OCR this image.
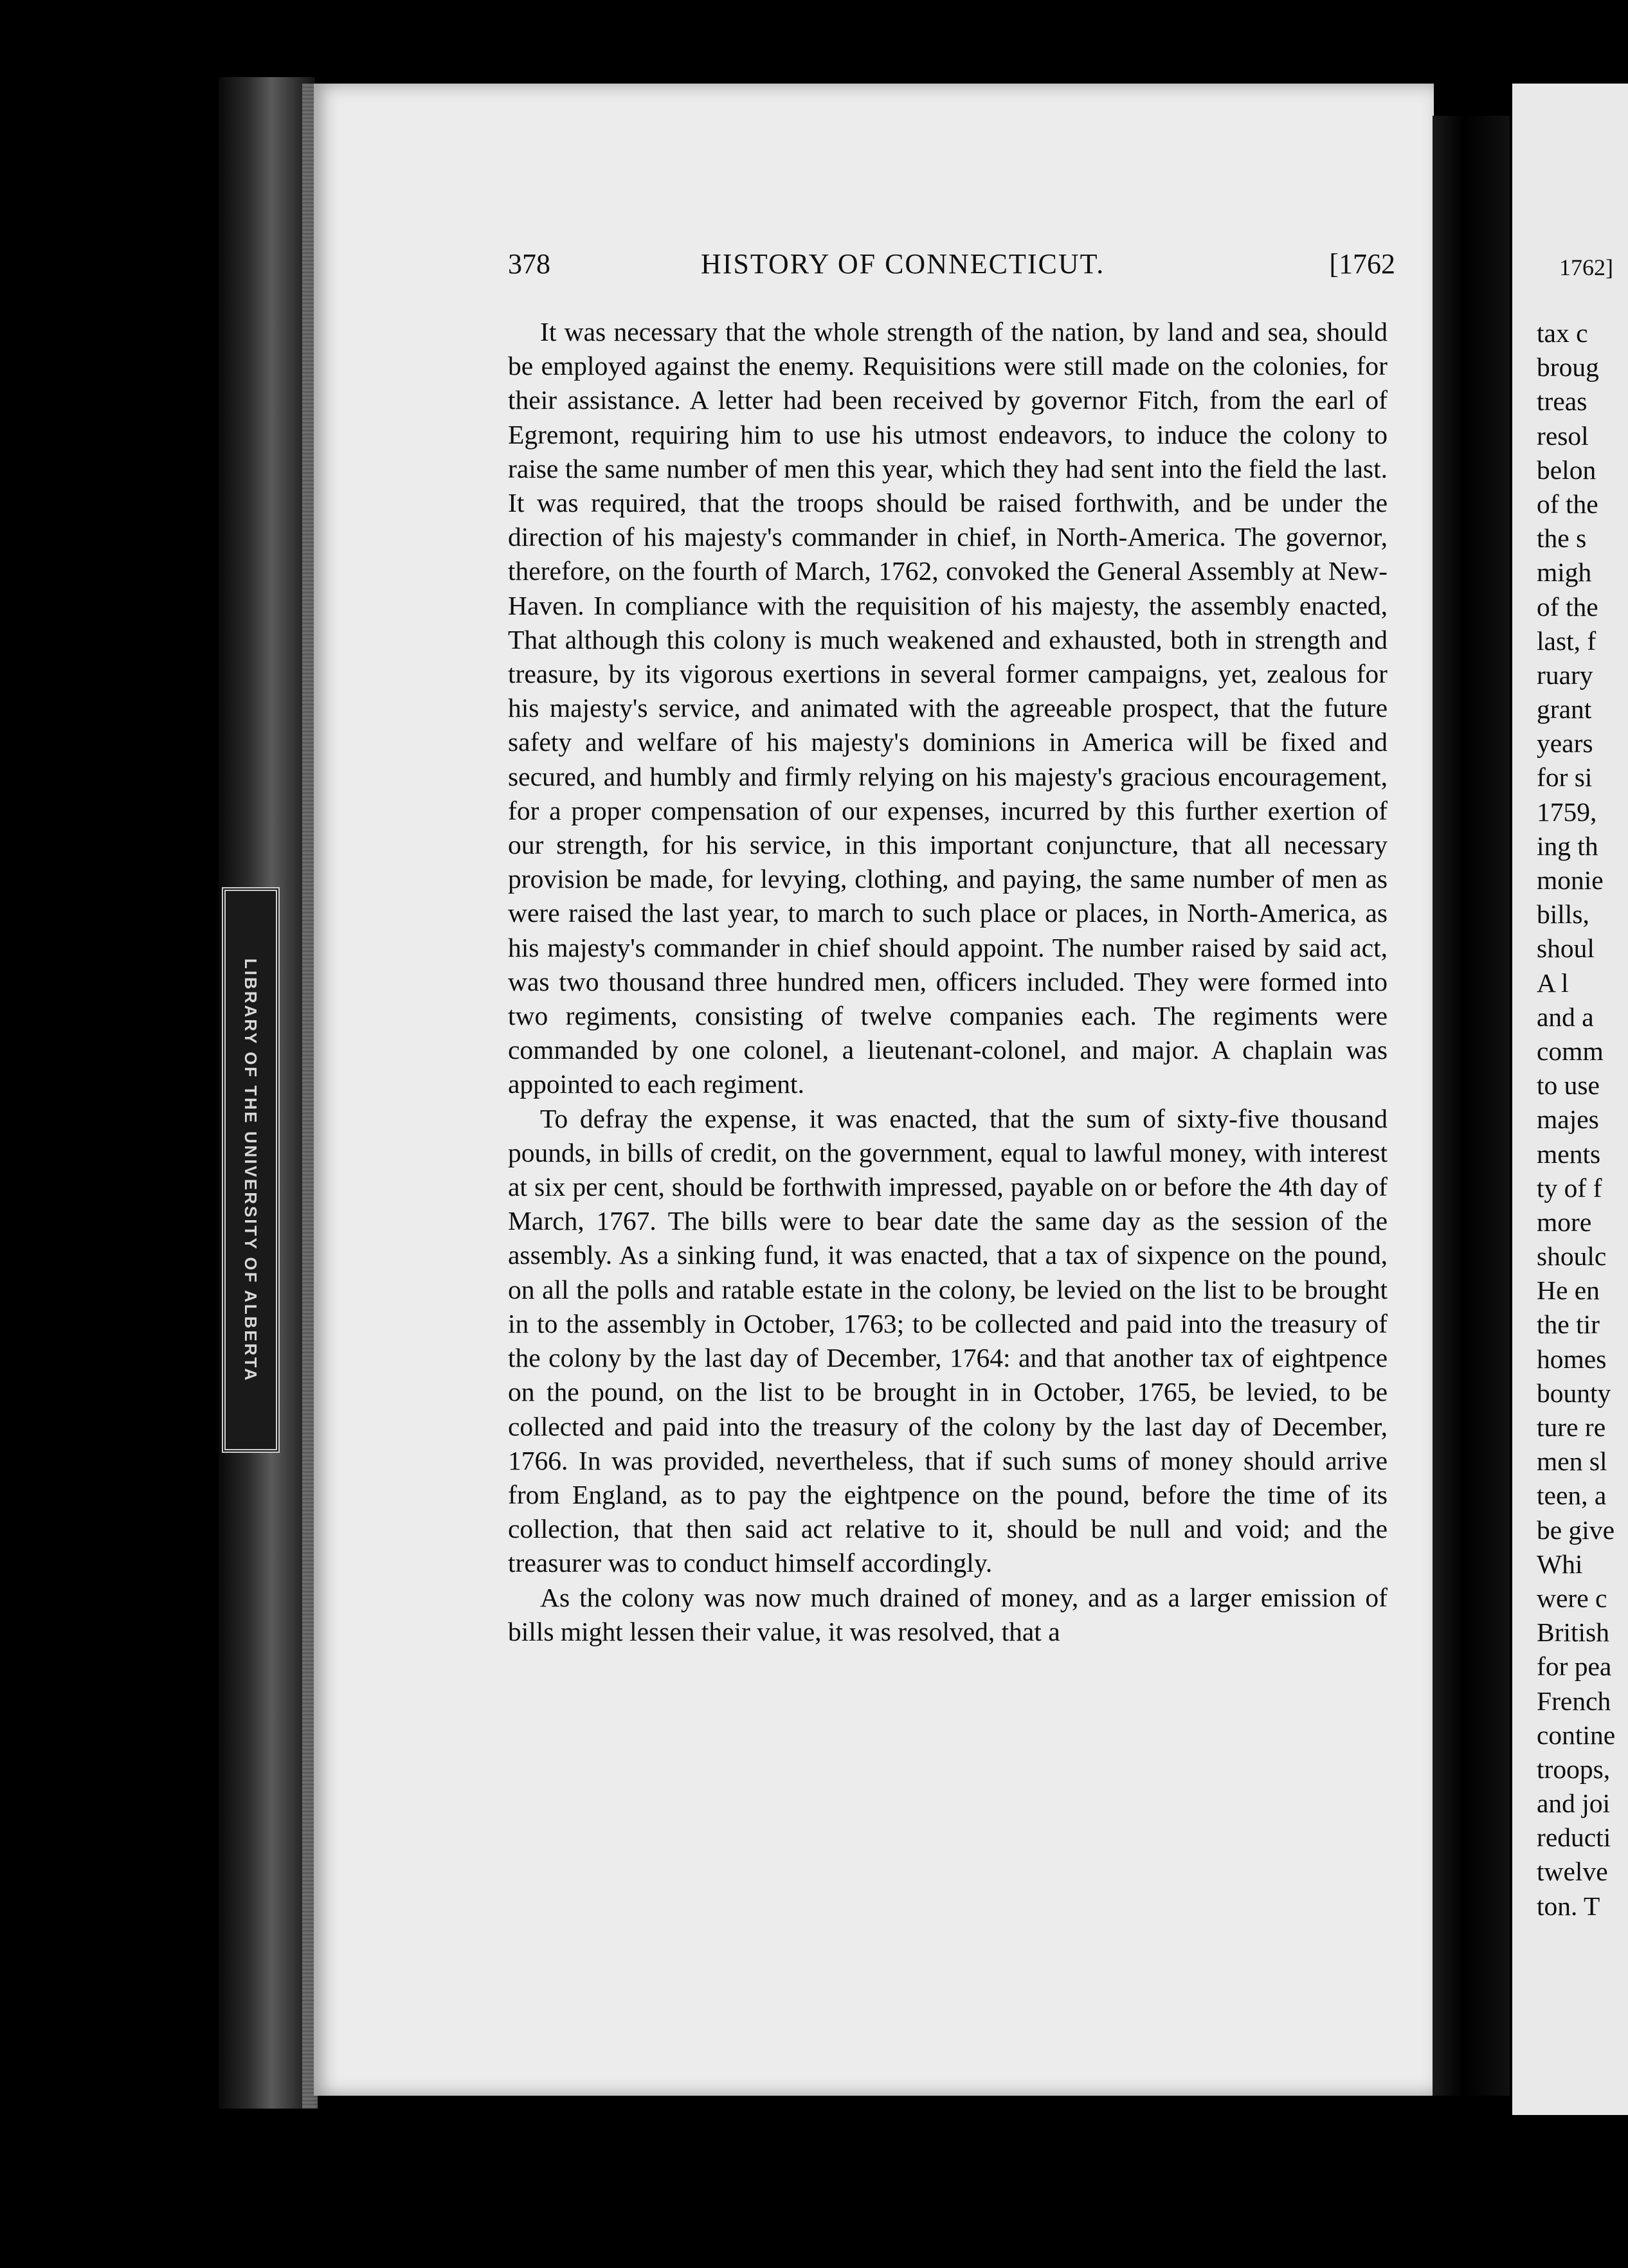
LIBRARY OF THE UNIVERSITY OF ALBERTA
378	HISTORY OF CONNECTICUT.	[1762

It was necessary that the whole strength of the nation, by land and sea, should be employed against the enemy. Requisitions were still made on the colonies, for their assistance. A letter had been received by governor Fitch, from the earl of Egremont, requiring him to use his utmost endeavors, to induce the colony to raise the same number of men this year, which they had sent into the field the last. It was required, that the troops should be raised forthwith, and be under the direction of his majesty's commander in chief, in North-America. The governor, therefore, on the fourth of March, 1762, convoked the General Assembly at New-Haven. In compliance with the requisition of his majesty, the assembly enacted, That although this colony is much weakened and exhausted, both in strength and treasure, by its vigorous exertions in several former campaigns, yet, zealous for his majesty's service, and animated with the agreeable prospect, that the future safety and welfare of his majesty's dominions in America will be fixed and secured, and humbly and firmly relying on his majesty's gracious encouragement, for a proper compensation of our expenses, incurred by this further exertion of our strength, for his service, in this important conjuncture, that all necessary provision be made, for levying, clothing, and paying, the same number of men as were raised the last year, to march to such place or places, in North-America, as his majesty's commander in chief should appoint. The number raised by said act, was two thousand three hundred men, officers included. They were formed into two regiments, consisting of twelve companies each. The regiments were commanded by one colonel, a lieutenant-colonel, and major. A chaplain was appointed to each regiment.

To defray the expense, it was enacted, that the sum of sixty-five thousand pounds, in bills of credit, on the government, equal to lawful money, with interest at six per cent, should be forthwith impressed, payable on or before the 4th day of March, 1767. The bills were to bear date the same day as the session of the assembly. As a sinking fund, it was enacted, that a tax of sixpence on the pound, on all the polls and ratable estate in the colony, be levied on the list to be brought in to the assembly in October, 1763; to be collected and paid into the treasury of the colony by the last day of December, 1764: and that another tax of eightpence on the pound, on the list to be brought in in October, 1765, be levied, to be collected and paid into the treasury of the colony by the last day of December, 1766. In was provided, nevertheless, that if such sums of money should arrive from England, as to pay the eightpence on the pound, before the time of its collection, that then said act relative to it, should be null and void; and the treasurer was to conduct himself accordingly.

As the colony was now much drained of money, and as a larger emission of bills might lessen their value, it was resolved, that a

1762]
tax c
broug
treas
resol
belon
of the
the s
migh
of the
last, f
ruary
grant
years
for si
1759,
ing th
monie
bills,
shoul
A l
and a
comm
to use
majes
ments
ty of f
more
shoulc
He en
the tir
homes
bounty
ture re
men sl
teen, a
be give
Whi
were c
British
for pea
French
contine
troops,
and joi
reducti
twelve
ton. T
